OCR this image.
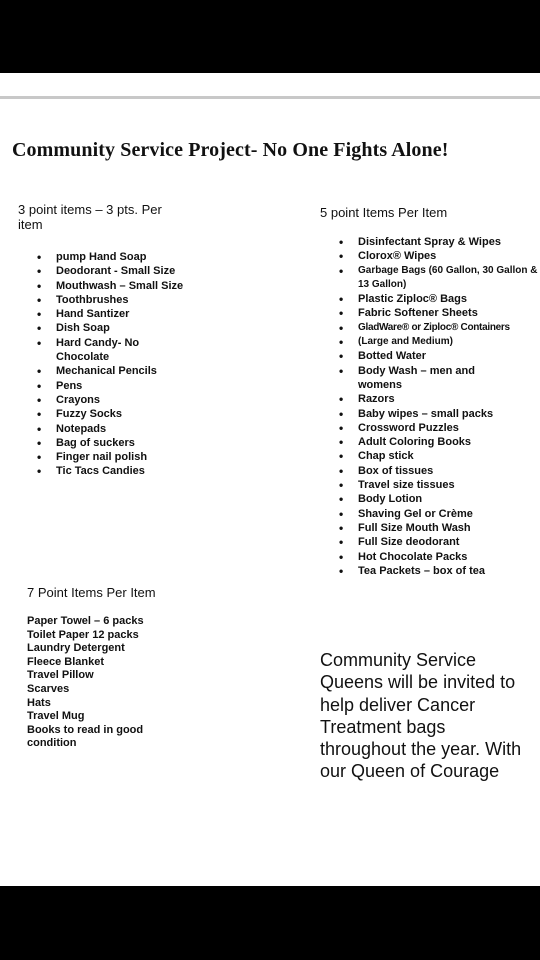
Community Service Project- No One Fights Alone!
3 point items – 3 pts. Per item
• pump Hand Soap
• Deodorant - Small Size
• Mouthwash – Small Size
• Toothbrushes
• Hand Santizer
• Dish Soap
• Hard Candy- No Chocolate
• Mechanical Pencils
• Pens
• Crayons
• Fuzzy Socks
• Notepads
• Bag of suckers
• Finger nail polish
• Tic Tacs Candies
5 point Items Per Item
• Disinfectant Spray & Wipes
• Clorox® Wipes
• Garbage Bags (60 Gallon, 30 Gallon & 13 Gallon)
• Plastic Ziploc® Bags
• Fabric Softener Sheets
• GladWare® or Ziploc® Containers
• (Large and Medium)
• Botted Water
• Body Wash – men and womens
• Razors
• Baby wipes – small packs
• Crossword Puzzles
• Adult Coloring Books
• Chap stick
• Box of tissues
• Travel size tissues
• Body Lotion
• Shaving Gel or Crème
• Full Size Mouth Wash
• Full Size deodorant
• Hot Chocolate Packs
• Tea Packets – box of tea
7 Point Items Per Item
Paper Towel – 6 packs
Toilet Paper 12 packs
Laundry Detergent
Fleece Blanket
Travel Pillow
Scarves
Hats
Travel Mug
Books to read in good condition
Community Service Queens will be invited to help deliver Cancer Treatment bags throughout the year. With our Queen of Courage
